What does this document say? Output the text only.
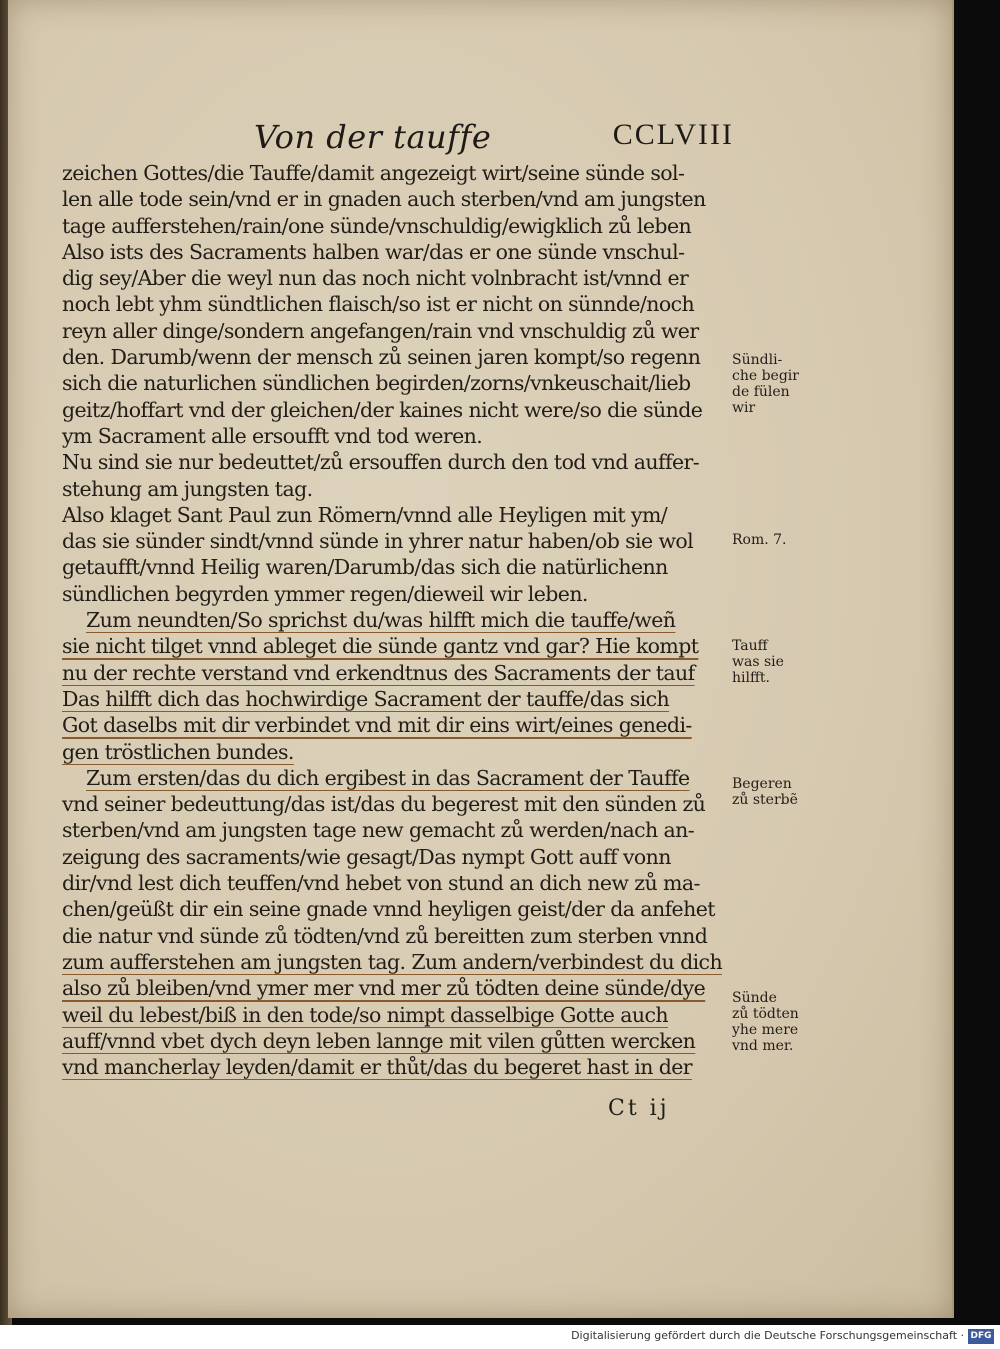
Von der tauffe	CCLVIII
zeichen Gottes/die Tauffe/damit angezeigt wirt/seine sünde sol-
len alle tode sein/vnd er in gnaden auch sterben/vnd am jungsten
tage aufferstehen/rain/one sünde/vnschuldig/ewigklich zů leben
Also ists des Sacraments halben war/das er one sünde vnschul-
dig sey/Aber die weyl nun das noch nicht volnbracht ist/vnnd er
noch lebt yhm sündtlichen flaisch/so ist er nicht on sünnde/noch
reyn aller dinge/sondern angefangen/rain vnd vnschuldig zů wer
den. Darumb/wenn der mensch zů seinen jaren kompt/so regenn
sich die naturlichen sündlichen begirden/zorns/vnkeuschait/lieb
geitz/hoffart vnd der gleichen/der kaines nicht were/so die sünde
ym Sacrament alle ersoufft vnd tod weren.
Nu sind sie nur bedeuttet/zů ersouffen durch den tod vnd auffer-
stehung am jungsten tag.
Also klaget Sant Paul zun Römern/vnnd alle Heyligen mit ym/
das sie sünder sindt/vnnd sünde in yhrer natur haben/ob sie wol
getaufft/vnnd Heilig waren/Darumb/das sich die natürlichenn
sündlichen begyrden ymmer regen/dieweil wir leben.
Zum neundten/So sprichst du/was hilfft mich die tauffe/weñ
sie nicht tilget vnnd ableget die sünde gantz vnd gar? Hie kompt
nu der rechte verstand vnd erkendtnus des Sacraments der tauf
Das hilfft dich das hochwirdige Sacrament der tauffe/das sich
Got daselbs mit dir verbindet vnd mit dir eins wirt/eines genedi-
gen tröstlichen bundes.
Zum ersten/das du dich ergibest in das Sacrament der Tauffe
vnd seiner bedeuttung/das ist/das du begerest mit den sünden zů
sterben/vnd am jungsten tage new gemacht zů werden/nach an-
zeigung des sacraments/wie gesagt/Das nympt Gott auff vonn
dir/vnd lest dich teuffen/vnd hebet von stund an dich new zů ma-
chen/geüßt dir ein seine gnade vnnd heyligen geist/der da anfehet
die natur vnd sünde zů tödten/vnd zů bereitten zum sterben vnnd
zum aufferstehen am jungsten tag. Zum andern/verbindest du dich
also zů bleiben/vnd ymer mer vnd mer zů tödten deine sünde/dye
weil du lebest/biß in den tode/so nimpt dasselbige Gotte auch
auff/vnnd vbet dych deyn leben lannge mit vilen gůtten wercken
vnd mancherlay leyden/damit er thůt/das du begeret hast in der
Sündli-
che begir
de fülen
wir
Rom. 7.
Tauff
was sie
hilfft.
Begeren
zů sterbẽ
Sünde
zů tödten
yhe mere
vnd mer.
Ct ij
Digitalisierung gefördert durch die Deutsche Forschungsgemeinschaft · DFG
